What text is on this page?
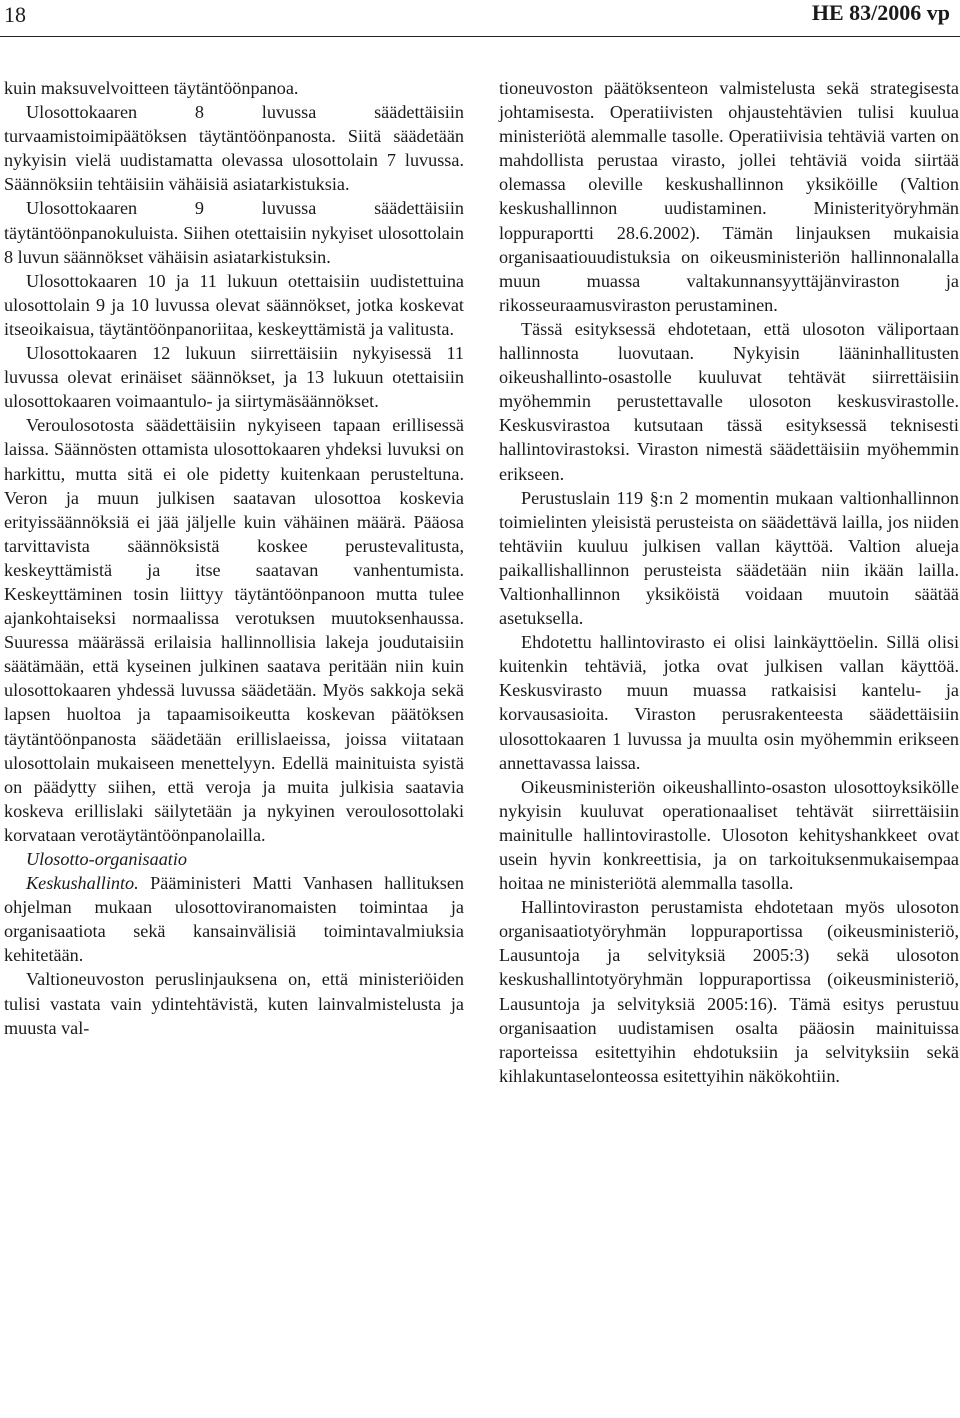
18	HE 83/2006 vp

kuin maksuvelvoitteen täytäntöönpanoa.

Ulosottokaaren 8 luvussa säädettäisiin turvaamistoimipäätöksen täytäntöönpanosta. Siitä säädetään nykyisin vielä uudistamatta olevassa ulosottolain 7 luvussa. Säännöksiin tehtäisiin vähäisiä asiatarkistuksia.

Ulosottokaaren 9 luvussa säädettäisiin täytäntöönpanokuluista. Siihen otettaisiin nykyiset ulosottolain 8 luvun säännökset vähäisin asiatarkistuksin.

Ulosottokaaren 10 ja 11 lukuun otettaisiin uudistettuina ulosottolain 9 ja 10 luvussa olevat säännökset, jotka koskevat itseoikaisua, täytäntöönpanoriitaa, keskeyttämistä ja valitusta.

Ulosottokaaren 12 lukuun siirrettäisiin nykyisessä 11 luvussa olevat erinäiset säännökset, ja 13 lukuun otettaisiin ulosottokaaren voimaantulo- ja siirtymäsäännökset.

Veroulosotosta säädettäisiin nykyiseen tapaan erillisessä laissa. Säännösten ottamista ulosottokaaren yhdeksi luvuksi on harkittu, mutta sitä ei ole pidetty kuitenkaan perusteltuna. Veron ja muun julkisen saatavan ulosottoa koskevia erityissäännöksiä ei jää jäljelle kuin vähäinen määrä. Pääosa tarvittavista säännöksistä koskee perustevalitusta, keskeyttämistä ja itse saatavan vanhentumista. Keskeyttäminen tosin liittyy täytäntöönpanoon mutta tulee ajankohtaiseksi normaalissa verotuksen muutoksenhaussa. Suuressa määrässä erilaisia hallinnollisia lakeja joudutaisiin säätämään, että kyseinen julkinen saatava peritään niin kuin ulosottokaaren yhdessä luvussa säädetään. Myös sakkoja sekä lapsen huoltoa ja tapaamisoikeutta koskevan päätöksen täytäntöönpanosta säädetään erillislaeissa, joissa viitataan ulosottolain mukaiseen menettelyyn. Edellä mainituista syistä on päädytty siihen, että veroja ja muita julkisia saatavia koskeva erillislaki säilytetään ja nykyinen veroulosottolaki korvataan verotäytäntöönpanolailla.

Ulosotto-organisaatio

Keskushallinto. Pääministeri Matti Vanhasen hallituksen ohjelman mukaan ulosottoviranomaisten toimintaa ja organisaatiota sekä kansainvälisiä toimintavalmiuksia kehitetään.

Valtioneuvoston peruslinjauksena on, että ministeriöiden tulisi vastata vain ydintehtävistä, kuten lainvalmistelusta ja muusta val-

tioneuvoston päätöksenteon valmistelusta sekä strategisesta johtamisesta. Operatiivisten ohjaustehtävien tulisi kuulua ministeriötä alemmalle tasolle. Operatiivisia tehtäviä varten on mahdollista perustaa virasto, jollei tehtäviä voida siirtää olemassa oleville keskushallinnon yksiköille (Valtion keskushallinnon uudistaminen. Ministerityöryhmän loppuraportti 28.6.2002). Tämän linjauksen mukaisia organisaatiouudistuksia on oikeusministeriön hallinnonalalla muun muassa valtakunnansyyttäjänviraston ja rikosseuraamusviraston perustaminen.

Tässä esityksessä ehdotetaan, että ulosoton väliportaan hallinnosta luovutaan. Nykyisin lääninhallitusten oikeushallinto-osastolle kuuluvat tehtävät siirrettäisiin myöhemmin perustettavalle ulosoton keskusvirastolle. Keskusvirastoa kutsutaan tässä esityksessä teknisesti hallintovirastoksi. Viraston nimestä säädettäisiin myöhemmin erikseen.

Perustuslain 119 §:n 2 momentin mukaan valtionhallinnon toimielinten yleisistä perusteista on säädettävä lailla, jos niiden tehtäviin kuuluu julkisen vallan käyttöä. Valtion alueja paikallishallinnon perusteista säädetään niin ikään lailla. Valtionhallinnon yksiköistä voidaan muutoin säätää asetuksella.

Ehdotettu hallintovirasto ei olisi lainkäyttöelin. Sillä olisi kuitenkin tehtäviä, jotka ovat julkisen vallan käyttöä. Keskusvirasto muun muassa ratkaisisi kantelu- ja korvausasioita. Viraston perusrakenteesta säädettäisiin ulosottokaaren 1 luvussa ja muulta osin myöhemmin erikseen annettavassa laissa.

Oikeusministeriön oikeushallinto-osaston ulosottoyksikölle nykyisin kuuluvat operationaaliset tehtävät siirrettäisiin mainitulle hallintovirastolle. Ulosoton kehityshankkeet ovat usein hyvin konkreettisia, ja on tarkoituksenmukaisempaa hoitaa ne ministeriötä alemmalla tasolla.

Hallintoviraston perustamista ehdotetaan myös ulosoton organisaatiotyöryhmän loppuraportissa (oikeusministeriö, Lausuntoja ja selvityksiä 2005:3) sekä ulosoton keskushallintotyöryhmän loppuraportissa (oikeusministeriö, Lausuntoja ja selvityksiä 2005:16). Tämä esitys perustuu organisaation uudistamisen osalta pääosin mainituissa raporteissa esitettyihin ehdotuksiin ja selvityksiin sekä kihlakuntaselonteossa esitettyihin näkökohtiin.
